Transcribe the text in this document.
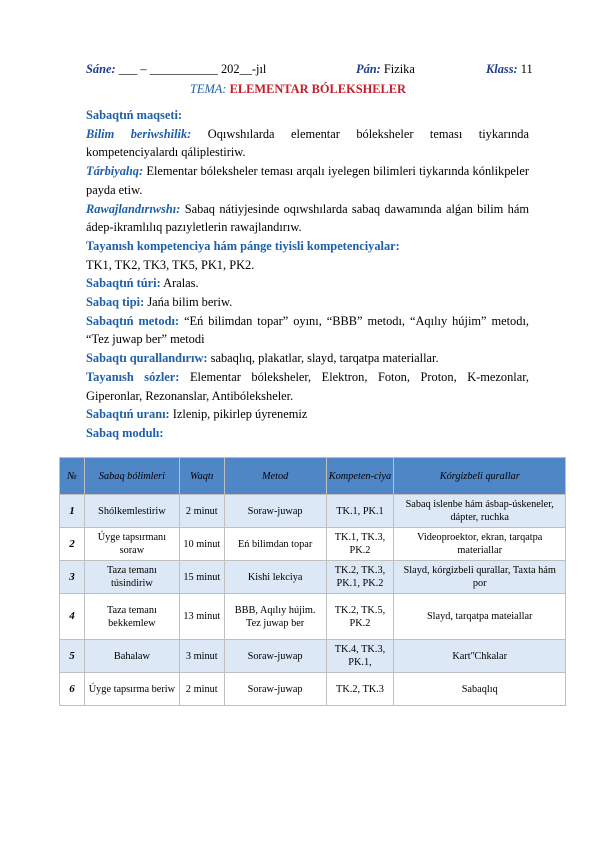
Sáne: ___ – ___________ 202__-jıl	Pán: Fizika	Klass: 11
TEMA: ELEMENTAR BÓLEKSHELER

Sabaqtıń maqseti:

Bilim beriwshilik: Oqıwshılarda elementar bóleksheler teması tiykarında kompetenciyalardı qáliplestiriw.

Tárbiyalıq: Elementar bóleksheler teması arqalı iyelegen bilimleri tiykarında kónlikpeler payda etiw.

Rawajlandırıwshı: Sabaq nátiyjesinde oqıwshılarda sabaq dawamında alǵan bilim hám ádep-ikramlılıq pazıyletlerin rawajlandırıw.

Tayanısh kompetenciya hám pánge tiyisli kompetenciyalar:

TK1, TK2, TK3, TK5, PK1, PK2.

Sabaqtıń túri: Aralas.

Sabaq tipi: Jańa bilim beriw.

Sabaqtıń metodı: “Eń bilimdan topar” oyını, “BBB” metodı, “Aqılıy hújim” metodı, “Tez juwap ber” metodi

Sabaqtı qurallandırıw: sabaqlıq, plakatlar, slayd, tarqatpa materiallar.

Tayanısh sózler: Elementar bóleksheler, Elektron, Foton, Proton, K-mezonlar, Giperonlar, Rezonanslar, Antibóleksheler.

Sabaqtıń uranı: Izlenip, pikirlep úyrenemiz

Sabaq modulı:

№	Sabaq bólimleri	Waqtı	Metod	Kompeten-ciya	Kórgizbeli qurallar
1	Shólkemlestiriw	2 minut	Soraw-juwap	TK.1, PK.1	Sabaq islenbe hám ásbap-úskeneler, dápter, ruchka
2	Úyge tapsırmanı soraw	10 minut	Eń bilimdan topar	TK.1, TK.3, PK.2	Videoproektor, ekran, tarqatpa materiallar
3	Taza temanı túsindiriw	15 minut	Kishi lekciya	TK.2, TK.3, PK.1, PK.2	Slayd, kórgizbeli qurallar, Taxta hám por
4	Taza temanı bekkemlew	13 minut	BBB, Aqılıy hújim. Tez juwap ber	TK.2, TK.5, PK.2	Slayd, tarqatpa mateiallar
5	Bahalaw	3 minut	Soraw-juwap	TK.4, TK.3, PK.1,	KartʺChkalar
6	Úyge tapsırma beriw	2 minut	Soraw-juwap	TK.2, TK.3	Sabaqlıq
